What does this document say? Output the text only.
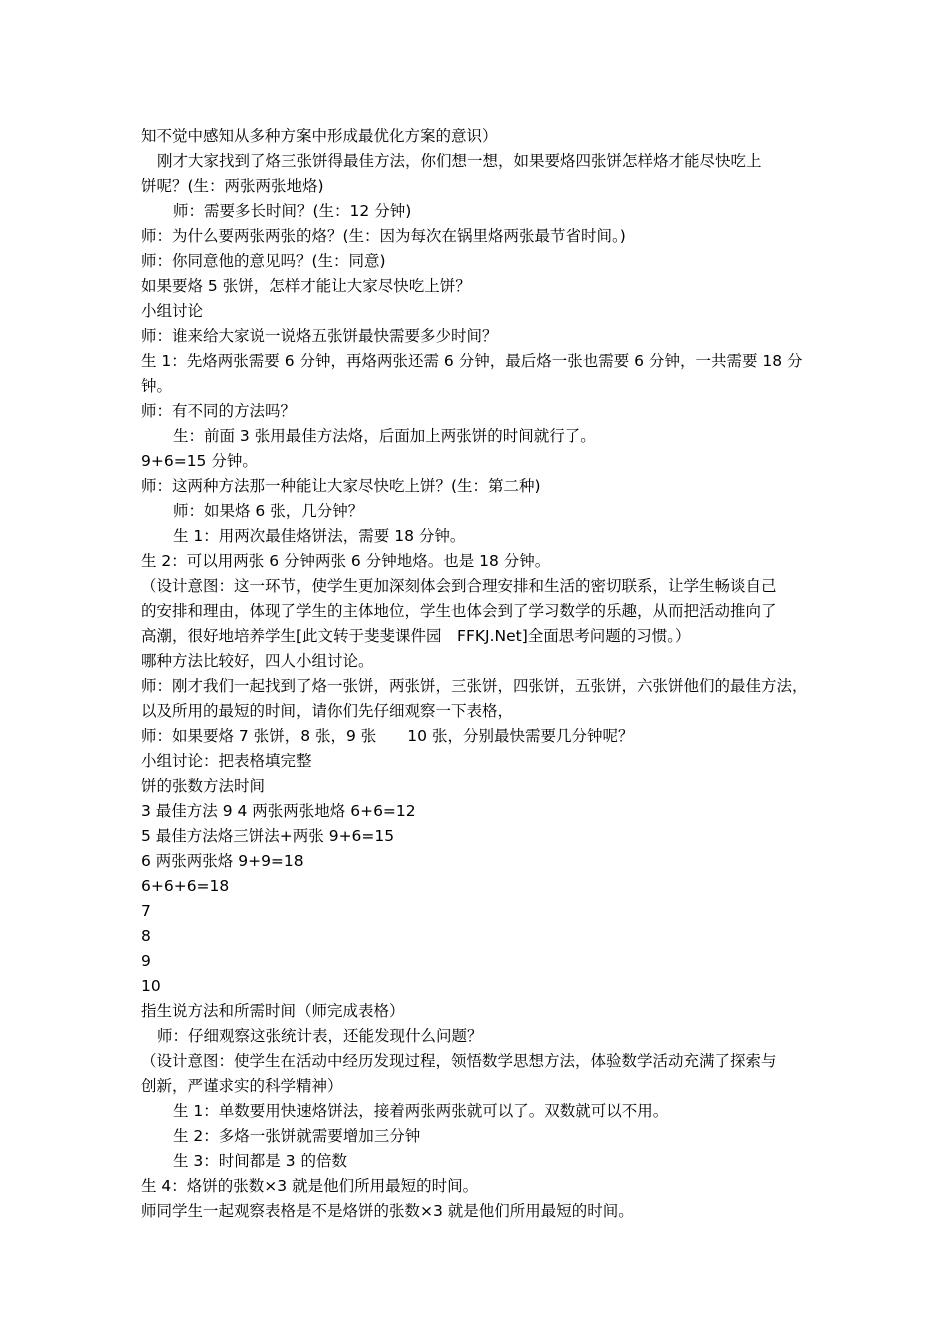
知不觉中感知从多种方案中形成最优化方案的意识）
刚才大家找到了烙三张饼得最佳方法，你们想一想，如果要烙四张饼怎样烙才能尽快吃上
饼呢？(生：两张两张地烙)
师：需要多长时间？(生：12 分钟)
师：为什么要两张两张的烙？(生：因为每次在锅里烙两张最节省时间。)
师：你同意他的意见吗？(生：同意)
如果要烙 5 张饼，怎样才能让大家尽快吃上饼？
小组讨论
师：谁来给大家说一说烙五张饼最快需要多少时间？
生 1：先烙两张需要 6 分钟，再烙两张还需 6 分钟，最后烙一张也需要 6 分钟，一共需要 18 分
钟。
师：有不同的方法吗？
生：前面 3 张用最佳方法烙，后面加上两张饼的时间就行了。
9+6=15 分钟。
师：这两种方法那一种能让大家尽快吃上饼？(生：第二种)
师：如果烙 6 张，几分钟？
生 1：用两次最佳烙饼法，需要 18 分钟。
生 2：可以用两张 6 分钟两张 6 分钟地烙。也是 18 分钟。
（设计意图：这一环节，使学生更加深刻体会到合理安排和生活的密切联系，让学生畅谈自己
的安排和理由，体现了学生的主体地位，学生也体会到了学习数学的乐趣，从而把活动推向了
高潮，很好地培养学生[此文转于斐斐课件园　FFKJ.Net]全面思考问题的习惯。）
哪种方法比较好，四人小组讨论。
师：刚才我们一起找到了烙一张饼，两张饼，三张饼，四张饼，五张饼，六张饼他们的最佳方法，
以及所用的最短的时间，请你们先仔细观察一下表格，
师：如果要烙 7 张饼，8 张，9 张　　10 张，分别最快需要几分钟呢？
小组讨论：把表格填完整
饼的张数方法时间
3 最佳方法 9 4 两张两张地烙 6+6=12
5 最佳方法烙三饼法+两张 9+6=15
6 两张两张烙 9+9=18
6+6+6=18
7
8
9
10
指生说方法和所需时间（师完成表格）
师：仔细观察这张统计表，还能发现什么问题？
（设计意图：使学生在活动中经历发现过程，领悟数学思想方法，体验数学活动充满了探索与
创新，严谨求实的科学精神）
生 1：单数要用快速烙饼法，接着两张两张就可以了。双数就可以不用。
生 2：多烙一张饼就需要增加三分钟
生 3：时间都是 3 的倍数
生 4：烙饼的张数×3 就是他们所用最短的时间。
师同学生一起观察表格是不是烙饼的张数×3 就是他们所用最短的时间。
